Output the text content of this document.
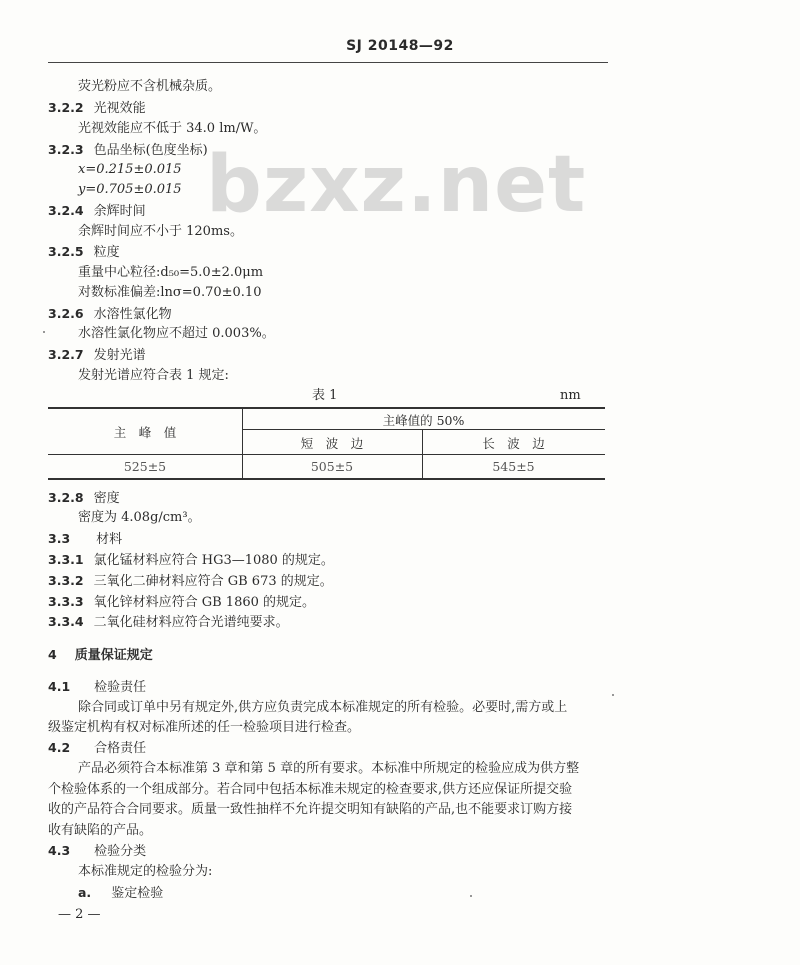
SJ 20148—92
bzxz.net
荧光粉应不含机械杂质。
3.2.2 光视效能
光视效能应不低于 34.0 lm/W。
3.2.3 色品坐标(色度坐标)
x=0.215±0.015
y=0.705±0.015
3.2.4 余辉时间
余辉时间应不小于 120ms。
3.2.5 粒度
重量中心粒径:d₅₀=5.0±2.0μm
对数标准偏差:lnσ=0.70±0.10
3.2.6 水溶性氯化物
水溶性氯化物应不超过 0.003%。
3.2.7 发射光谱
发射光谱应符合表 1 规定:
表 1	nm
主　峰　值
主峰值的 50%
短　波　边	长　波　边
525±5	505±5	545±5
3.2.8 密度
密度为 4.08g/cm³。
3.3 材料
3.3.1 氯化锰材料应符合 HG3—1080 的规定。
3.3.2 三氧化二砷材料应符合 GB 673 的规定。
3.3.3 氧化锌材料应符合 GB 1860 的规定。
3.3.4 二氧化硅材料应符合光谱纯要求。
4 质量保证规定
4.1 检验责任
除合同或订单中另有规定外,供方应负责完成本标准规定的所有检验。必要时,需方或上
级鉴定机构有权对标准所述的任一检验项目进行检查。
4.2 合格责任
产品必须符合本标准第 3 章和第 5 章的所有要求。本标准中所规定的检验应成为供方整
个检验体系的一个组成部分。若合同中包括本标准未规定的检查要求,供方还应保证所提交验
收的产品符合合同要求。质量一致性抽样不允许提交明知有缺陷的产品,也不能要求订购方接
收有缺陷的产品。
4.3 检验分类
本标准规定的检验分为:
a. 鉴定检验
— 2 —
